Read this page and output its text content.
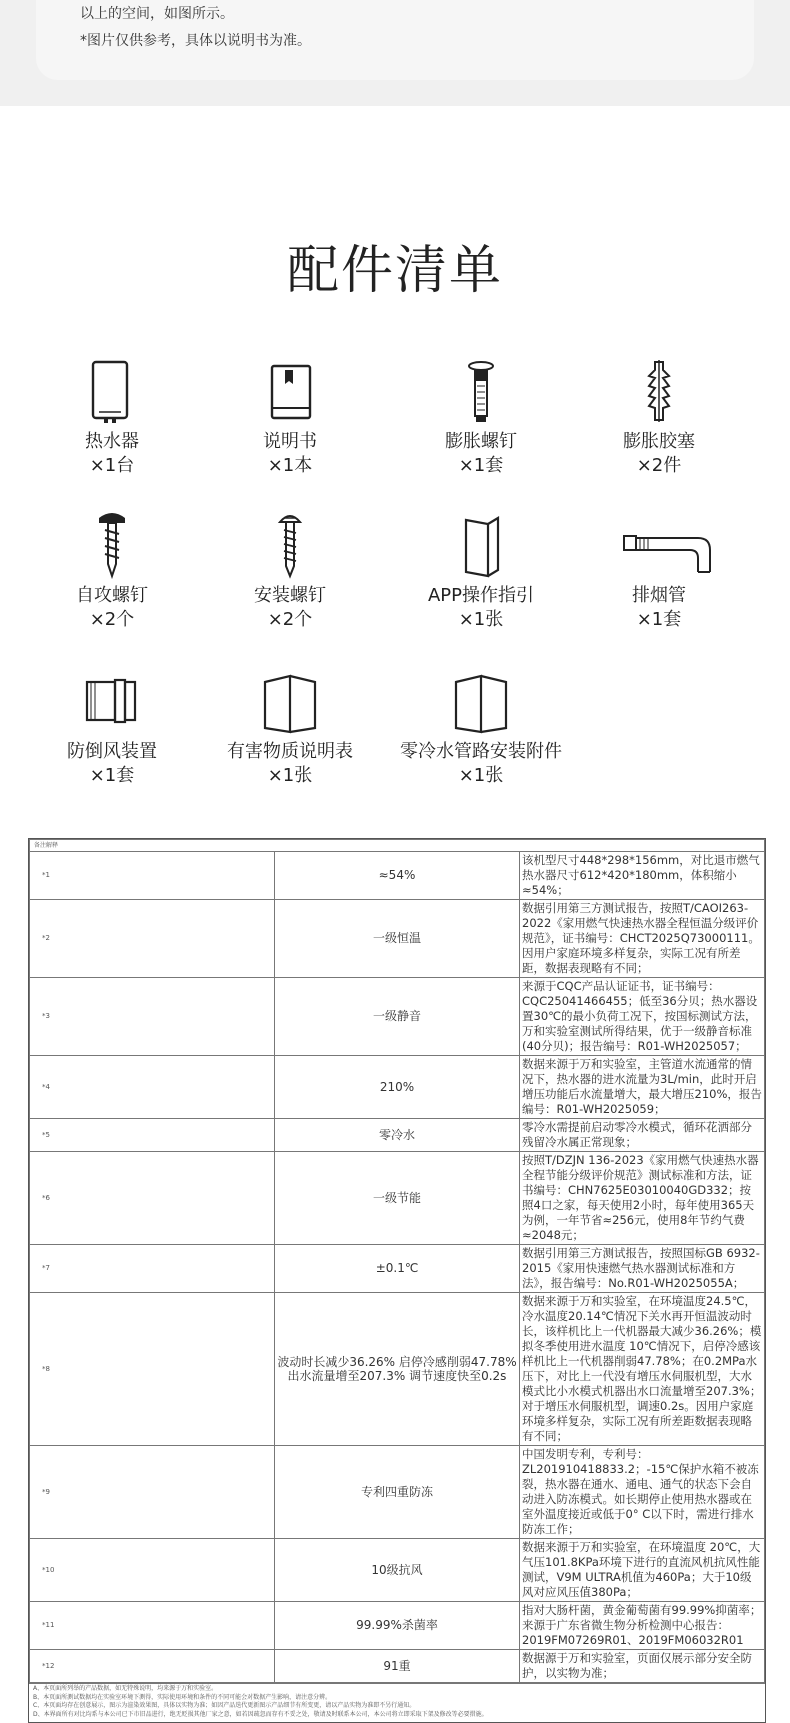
以上的空间，如图所示。
*图片仅供参考，具体以说明书为准。
配件清单
热水器
×1台
说明书
×1本
膨胀螺钉
×1套
膨胀胶塞
×2件
自攻螺钉
×2个
安装螺钉
×2个
APP操作指引
×1张
排烟管
×1套
防倒风装置
×1套
有害物质说明表
×1张
零冷水管路安装附件
×1张
备注解释		
*1	≈54%	该机型尺寸448*298*156mm，对比退市燃气热水器尺寸612*420*180mm，体积缩小≈54%；
*2	一级恒温	数据引用第三方测试报告，按照T/CAOI263-2022《家用燃气快速热水器全程恒温分级评价规范》，证书编号：CHCT2025Q73000111。因用户家庭环境多样复杂，实际工况有所差距，数据表现略有不同；
*3	一级静音	来源于CQC产品认证证书，证书编号：CQC25041466455；低至36分贝；热水器设置30℃的最小负荷工况下，按国标测试方法，万和实验室测试所得结果，优于一级静音标准(40分贝)；报告编号：R01-WH2025057；
*4	210%	数据来源于万和实验室，主管道水流通常的情况下，热水器的进水流量为3L/min，此时开启增压功能后水流量增大，最大增压210%，报告编号：R01-WH2025059；
*5	零冷水	零冷水需提前启动零冷水模式，循环花洒部分残留冷水属正常现象；
*6	一级节能	按照T/DZJN 136-2023《家用燃气快速热水器全程节能分级评价规范》测试标准和方法，证书编号：CHN7625E03010040GD332；按照4口之家，每天使用2小时，每年使用365天为例，一年节省≈256元，使用8年节约气费≈2048元；
*7	±0.1℃	数据引用第三方测试报告，按照国标GB 6932-2015《家用快速燃气热水器测试标准和方法》，报告编号：No.R01-WH2025055A；
*8	波动时长减少36.26% 启停冷感削弱47.78% 出水流量增至207.3% 调节速度快至0.2s	数据来源于万和实验室，在环境温度24.5℃，冷水温度20.14℃情况下关水再开恒温波动时长，该样机比上一代机器最大减少36.26%；模拟冬季使用进水温度 10℃情况下，启停冷感该样机比上一代机器削弱47.78%；在0.2MPa水压下，对比上一代没有增压水伺服机型，大水模式比小水模式机器出水口流量增至207.3%；对于增压水伺服机型，调速0.2s。因用户家庭环境多样复杂，实际工况有所差距数据表现略有不同；
*9	专利四重防冻	中国发明专利，专利号：ZL201910418833.2；-15℃保护水箱不被冻裂，热水器在通水、通电、通气的状态下会自动进入防冻模式。如长期停止使用热水器或在室外温度接近或低于0° C以下时，需进行排水防冻工作；
*10	10级抗风	数据来源于万和实验室，在环境温度 20℃，大气压101.8KPa环境下进行的直流风机抗风性能测试，V9M ULTRA机值为460Pa；大于10级风对应风压值380Pa；
*11	99.99%杀菌率	指对大肠杆菌，黄金葡萄菌有99.99%抑菌率；来源于广东省微生物分析检测中心报告：2019FM07269R01、2019FM06032R01
*12	91重	数据源于万和实验室，页面仅展示部分安全防护，以实物为准；
A、本页面所列举的产品数据，如无特殊说明，均来源于万和实验室。
B、本页面所测试数据均在实验室环境下测得，实际使用环境和条件的不同可能会对数据产生影响，请注意分辨。
C、本页面均存在创意展示，图示为渲染效果图，具体以实物为准；如因产品迭代更新图示产品细节有所变更，请以产品实物为准即不另行通知。
D、本界面所有对比均系与本公司已下市旧品进行，绝无贬损其他厂家之意，如若因疏忽而存有不妥之处，敬请及时联系本公司，本公司将立即采取下架及修改等必要措施。
